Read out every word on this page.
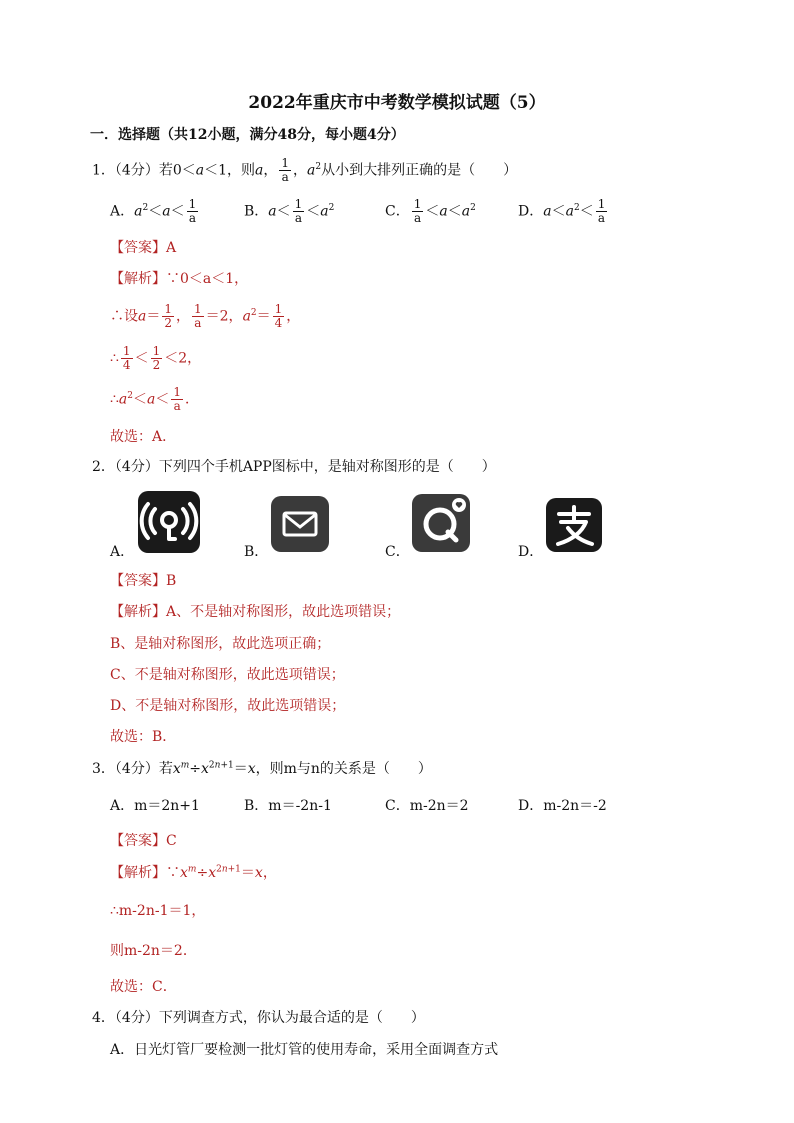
2022年重庆市中考数学模拟试题（5）
一．选择题（共12小题，满分48分，每小题4分）
1．（4分）若0＜a＜1，则a， $\frac{1}{a}$ ，$a^2$从小到大排列正确的是（　　）
A．$a^2<a< \frac{1}{a}$	B．$a< \frac{1}{a} <a^2$	C． $\frac{1}{a} <a<a^2$	D．$a<a^2< \frac{1}{a}$
【答案】A
【解析】∵0＜a＜1，
∴设$a= \frac{1}{2}$ ， $\frac{1}{a} =2$，$a^2= \frac{1}{4}$ ，
∴ $\frac{1}{4} < \frac{1}{2} <2$，
$\therefore a^2<a< \frac{1}{a}$ ．
故选：A．
2．（4分）下列四个手机APP图标中，是轴对称图形的是（　　）
A．	B．	C．	D．
【答案】B
【解析】A、不是轴对称图形，故此选项错误；
B、是轴对称图形，故此选项正确；
C、不是轴对称图形，故此选项错误；
D、不是轴对称图形，故此选项错误；
故选：B．
3．（4分）若$x^m\div x^{2n+1}=x$，则m与n的关系是（　　）
A．m＝2n+1	B．m＝-2n-1	C．m-2n＝2	D．m-2n＝-2
【答案】C
【解析】$\because x^m\div x^{2n+1}=x$，
∴m-2n-1＝1，
则m-2n＝2．
故选：C．
4．（4分）下列调查方式，你认为最合适的是（　　）
A．日光灯管厂要检测一批灯管的使用寿命，采用全面调查方式
